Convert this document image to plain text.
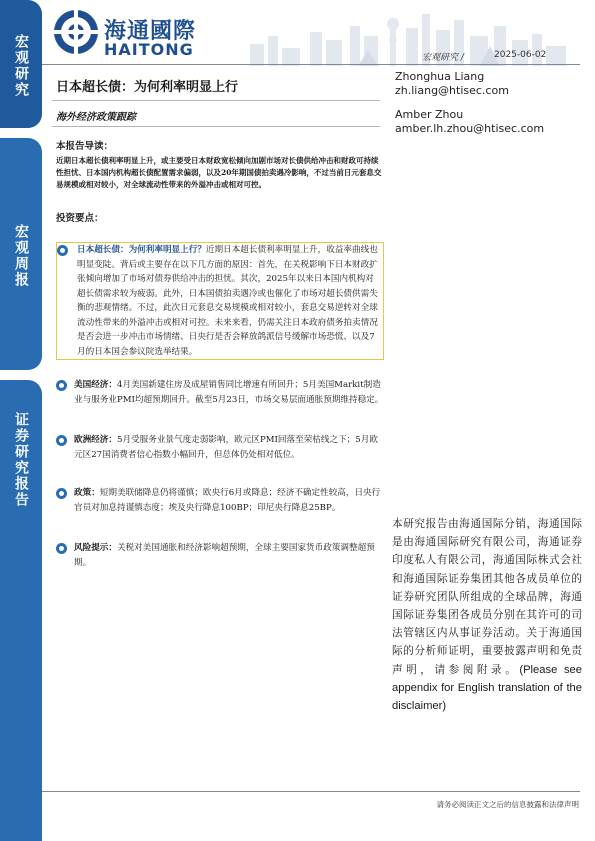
宏观研究
宏观周报
证券研究报告
海通國際
HAITONG	宏观研究 /	2025-06-02
日本超长债：为何利率明显上行
海外经济政策跟踪
Zhonghua Liang
zh.liang@htisec.com
Amber Zhou
amber.lh.zhou@htisec.com
本报告导读：
近期日本超长债利率明显上升，或主要受日本财政宽松倾向加剧市场对长债供给冲击和财政可持续性担忧、日本国内机构超长债配置需求偏弱，以及20年期国债拍卖遇冷影响，不过当前日元套息交易规模或相对较小，对全球流动性带来的外溢冲击或相对可控。
投资要点：
日本超长债：为何利率明显上行？近期日本超长债利率明显上升，收益率曲线也明显变陡。背后或主要存在以下几方面的原因：首先，在关税影响下日本财政扩张倾向增加了市场对债券供给冲击的担忧。其次，2025年以来日本国内机构对超长债需求较为疲弱。此外，日本国债拍卖遇冷或也催化了市场对超长债供需失衡的悲观情绪。不过，此次日元套息交易规模或相对较小，套息交易逆转对全球流动性带来的外溢冲击或相对可控。未来来看，仍需关注日本政府债务拍卖情况是否会进一步冲击市场情绪、日央行是否会释放鸽派信号缓解市场恐慌、以及7月的日本国会参议院选举结果。
美国经济：4月美国新建住房及成屋销售同比增速有所回升；5月美国Markit制造业与服务业PMI均超预期回升。截至5月23日，市场交易层面通胀预期维持稳定。
欧洲经济：5月受服务业景气度走弱影响，欧元区PMI回落至荣枯线之下；5月欧元区27国消费者信心指数小幅回升，但总体仍处相对低位。
政策：短期美联储降息仍将谨慎；欧央行6月或降息；经济不确定性较高，日央行官员对加息持谨慎态度；埃及央行降息100BP；印尼央行降息25BP。
风险提示：关税对美国通胀和经济影响超预期，全球主要国家货币政策调整超预期。
本研究报告由海通国际分销，海通国际是由海通国际研究有限公司，海通证券印度私人有限公司，海通国际株式会社和海通国际证券集团其他各成员单位的证券研究团队所组成的全球品牌，海通国际证券集团各成员分别在其许可的司法管辖区内从事证券活动。关于海通国际的分析师证明，重要披露声明和免责声明，请参阅附录。(Please see appendix for English translation of the disclaimer)
请务必阅读正文之后的信息披露和法律声明
